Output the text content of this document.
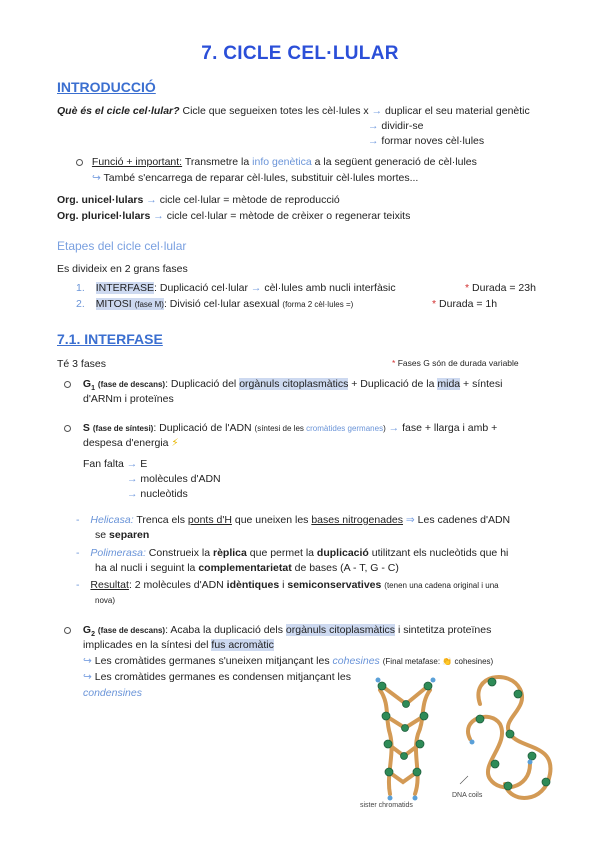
7. CICLE CEL·LULAR
INTRODUCCIÓ
Què és el cicle cel·lular? Cicle que segueixen totes les cèl·lules x → duplicar el seu material genètic
→ dividir-se
→ formar noves cèl·lules
Funció + important: Transmetre la info genètica a la següent generació de cèl·lules
↪ També s'encarrega de reparar cèl·lules, substituir cèl·lules mortes...
Org. unicel·lulars → cicle cel·lular = mètode de reproducció
Org. pluricel·lulars → cicle cel·lular = mètode de crèixer o regenerar teixits
Etapes del cicle cel·lular
Es divideix en 2 grans fases
1. INTERFASE: Duplicació cel·lular → cèl·lules amb nucli interfàsic	* Durada = 23h
2. MITOSI (fase M): Divisió cel·lular asexual (forma 2 cèl·lules =)	* Durada = 1h
7.1. INTERFASE
Té 3 fases	* Fases G són de durada variable
$G_1$ (fase de descans): Duplicació del orgànuls citoplasmàtics + Duplicació de la mida + síntesi
d'ARNm i proteïnes
S (fase de síntesi): Duplicació de l'ADN (síntesi de les cromàtides germanes) → fase + llarga i amb +
despesa d'energia ⚡
Fan falta → E
→ molècules d'ADN
→ nucleòtids
- Helicasa: Trenca els ponts d'H que uneixen les bases nitrogenades ⇒ Les cadenes d'ADN
se separen
- Polimerasa: Construeix la rèplica que permet la duplicació utilitzant els nucleòtids que hi
ha al nucli i seguint la complementarietat de bases (A - T, G - C)
- Resultat: 2 molècules d'ADN idèntiques i semiconservatives (tenen una cadena original i una
nova)
$G_2$ (fase de descans): Acaba la duplicació dels orgànuls citoplasmàtics i sintetitza proteïnes
implicades en la síntesi del fus acromàtic
↪ Les cromàtides germanes s'uneixen mitjançant les cohesines (Final metafase: 👏 cohesines)
↪ Les cromàtides germanes es condensen mitjançant les
condensines
sister chromatids
DNA coils
